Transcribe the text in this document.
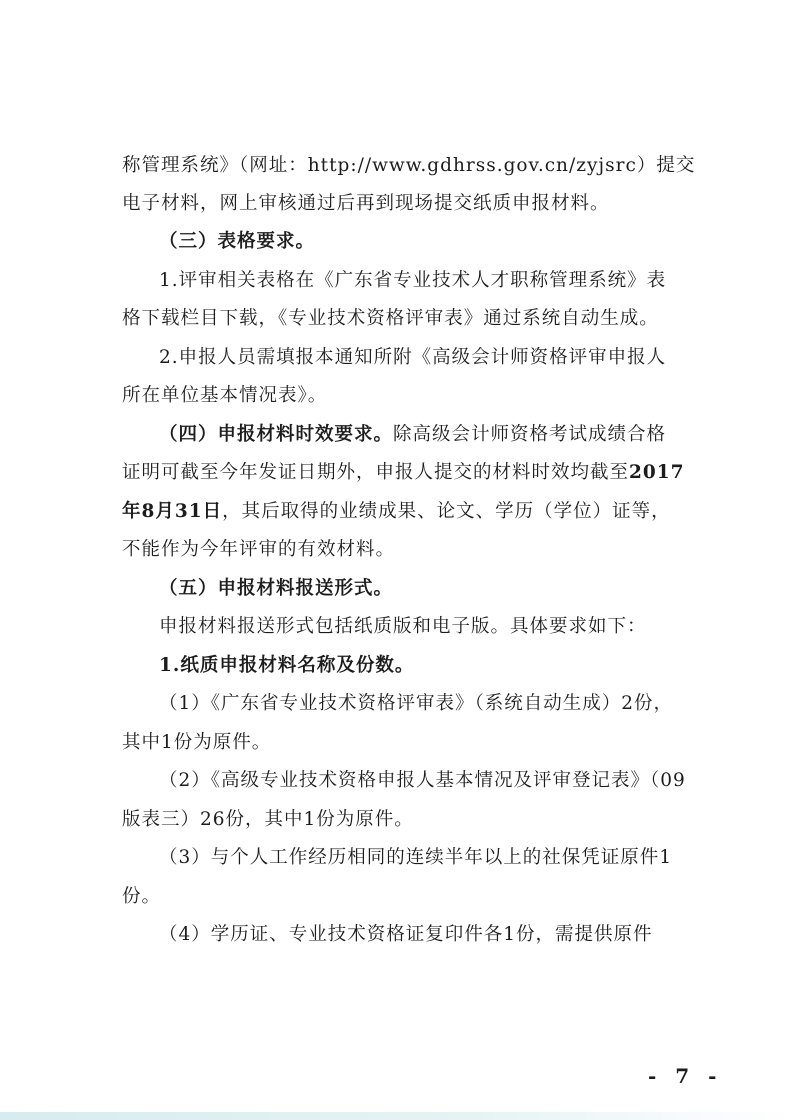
称管理系统》（网址：http://www.gdhrss.gov.cn/zyjsrc）提交
电子材料，网上审核通过后再到现场提交纸质申报材料。
（三）表格要求。
1.评审相关表格在《广东省专业技术人才职称管理系统》表
格下载栏目下载，《专业技术资格评审表》通过系统自动生成。
2.申报人员需填报本通知所附《高级会计师资格评审申报人
所在单位基本情况表》。
（四）申报材料时效要求。除高级会计师资格考试成绩合格
证明可截至今年发证日期外，申报人提交的材料时效均截至2017
年8月31日，其后取得的业绩成果、论文、学历（学位）证等，
不能作为今年评审的有效材料。
（五）申报材料报送形式。
申报材料报送形式包括纸质版和电子版。具体要求如下：
1.纸质申报材料名称及份数。
（1）《广东省专业技术资格评审表》（系统自动生成）2份，
其中1份为原件。
（2）《高级专业技术资格申报人基本情况及评审登记表》（09
版表三）26份，其中1份为原件。
（3）与个人工作经历相同的连续半年以上的社保凭证原件1
份。
（4）学历证、专业技术资格证复印件各1份，需提供原件
- 7 -
